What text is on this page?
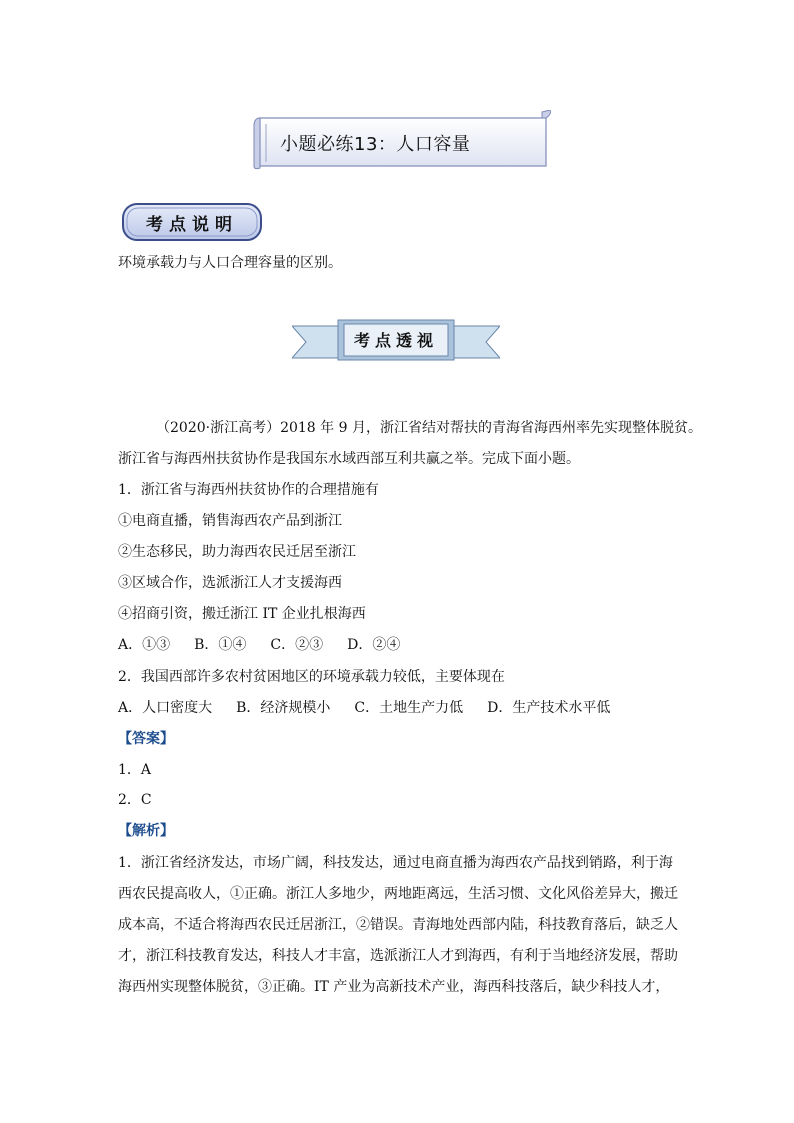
小题必练13：人口容量
考点说明
环境承载力与人口合理容量的区别。
考点透视
（2020·浙江高考）2018 年 9 月，浙江省结对帮扶的青海省海西州率先实现整体脱贫。
浙江省与海西州扶贫协作是我国东水域西部互利共赢之举。完成下面小题。
1．浙江省与海西州扶贫协作的合理措施有
①电商直播，销售海西农产品到浙江
②生态移民，助力海西农民迁居至浙江
③区域合作，选派浙江人才支援海西
④招商引资，搬迁浙江 IT 企业扎根海西
A．①③ B．①④ C．②③ D．②④
2．我国西部许多农村贫困地区的环境承载力较低，主要体现在
A．人口密度大 B．经济规模小 C．土地生产力低 D．生产技术水平低
【答案】
1．A
2．C
【解析】
1．浙江省经济发达，市场广阔，科技发达，通过电商直播为海西农产品找到销路，利于海
西农民提高收人，①正确。浙江人多地少，两地距离远，生活习惯、文化风俗差异大，搬迁
成本高，不适合将海西农民迁居浙江，②错误。青海地处西部内陆，科技教育落后，缺乏人
才，浙江科技教育发达，科技人才丰富，选派浙江人才到海西，有利于当地经济发展，帮助
海西州实现整体脱贫，③正确。IT 产业为高新技术产业，海西科技落后，缺少科技人才，
